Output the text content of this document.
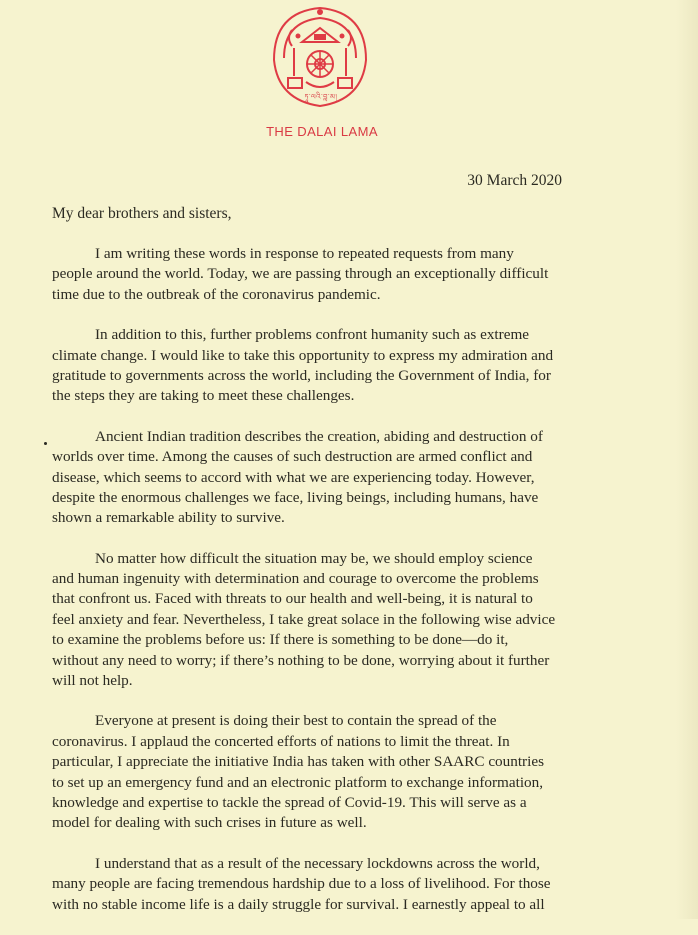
ཏཱ་ལའི་བླ་མ།
THE DALAI LAMA
30 March 2020
My dear brothers and sisters,

I am writing these words in response to repeated requests from many
people around the world. Today, we are passing through an exceptionally difficult
time due to the outbreak of the coronavirus pandemic.

In addition to this, further problems confront humanity such as extreme
climate change. I would like to take this opportunity to express my admiration and
gratitude to governments across the world, including the Government of India, for
the steps they are taking to meet these challenges.

Ancient Indian tradition describes the creation, abiding and destruction of
worlds over time. Among the causes of such destruction are armed conflict and
disease, which seems to accord with what we are experiencing today. However,
despite the enormous challenges we face, living beings, including humans, have
shown a remarkable ability to survive.

No matter how difficult the situation may be, we should employ science
and human ingenuity with determination and courage to overcome the problems
that confront us. Faced with threats to our health and well-being, it is natural to
feel anxiety and fear. Nevertheless, I take great solace in the following wise advice
to examine the problems before us: If there is something to be done—do it,
without any need to worry; if there’s nothing to be done, worrying about it further
will not help.

Everyone at present is doing their best to contain the spread of the
coronavirus. I applaud the concerted efforts of nations to limit the threat. In
particular, I appreciate the initiative India has taken with other SAARC countries
to set up an emergency fund and an electronic platform to exchange information,
knowledge and expertise to tackle the spread of Covid-19. This will serve as a
model for dealing with such crises in future as well.

I understand that as a result of the necessary lockdowns across the world,
many people are facing tremendous hardship due to a loss of livelihood. For those
with no stable income life is a daily struggle for survival. I earnestly appeal to all
